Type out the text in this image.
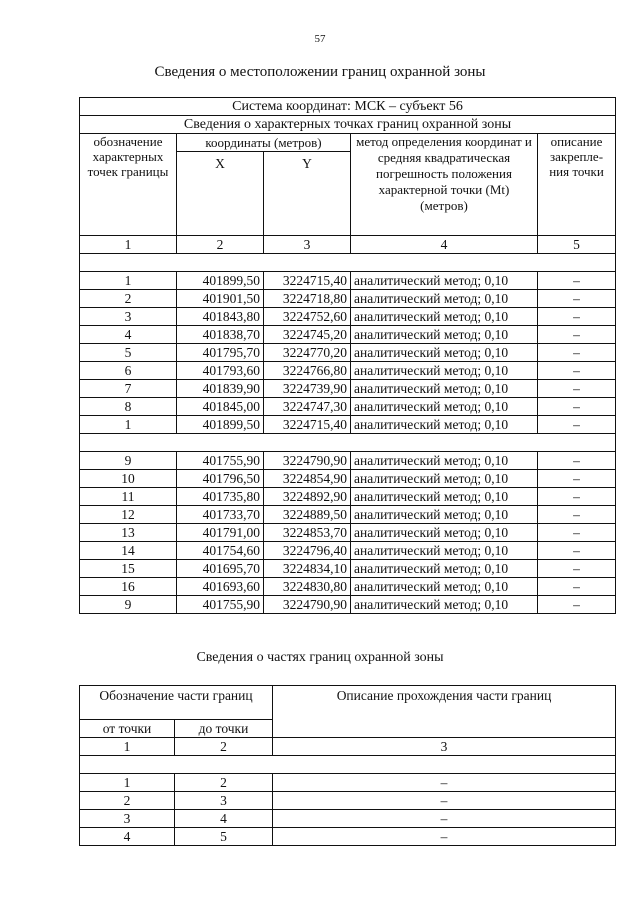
57
Сведения о местоположении границ охранной зоны
Система координат: МСК – субъект 56				
Сведения о характерных точках границ охранной зоны				
обозначение характерных точек границы	координаты (метров)		метод определения координат и средняя квадратическая погрешность положения характерной точки (Mt) (метров)	описание закрепле-ния точки
	X	Y		
1	2	3	4	5

1	401899,50	3224715,40	аналитический метод; 0,10	–
2	401901,50	3224718,80	аналитический метод; 0,10	–
3	401843,80	3224752,60	аналитический метод; 0,10	–
4	401838,70	3224745,20	аналитический метод; 0,10	–
5	401795,70	3224770,20	аналитический метод; 0,10	–
6	401793,60	3224766,80	аналитический метод; 0,10	–
7	401839,90	3224739,90	аналитический метод; 0,10	–
8	401845,00	3224747,30	аналитический метод; 0,10	–
1	401899,50	3224715,40	аналитический метод; 0,10	–

9	401755,90	3224790,90	аналитический метод; 0,10	–
10	401796,50	3224854,90	аналитический метод; 0,10	–
11	401735,80	3224892,90	аналитический метод; 0,10	–
12	401733,70	3224889,50	аналитический метод; 0,10	–
13	401791,00	3224853,70	аналитический метод; 0,10	–
14	401754,60	3224796,40	аналитический метод; 0,10	–
15	401695,70	3224834,10	аналитический метод; 0,10	–
16	401693,60	3224830,80	аналитический метод; 0,10	–
9	401755,90	3224790,90	аналитический метод; 0,10	–
Сведения о частях границ охранной зоны
Обозначение части границ		Описание прохождения части границ
от точки	до точки	
1	2	3

1	2	–
2	3	–
3	4	–
4	5	–
